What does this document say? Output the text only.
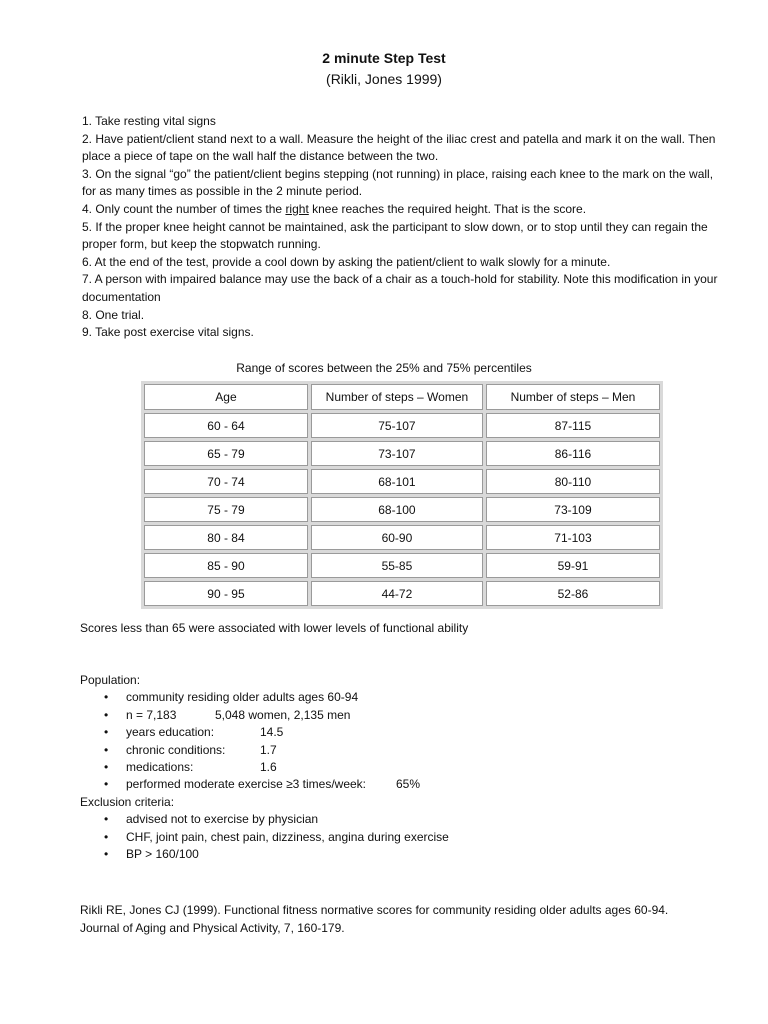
2 minute Step Test
(Rikli, Jones 1999)

1. Take resting vital signs

2. Have patient/client stand next to a wall. Measure the height of the iliac crest and patella and mark it on the wall. Then place a piece of tape on the wall half the distance between the two.

3. On the signal “go” the patient/client begins stepping (not running) in place, raising each knee to the mark on the wall, for as many times as possible in the 2 minute period.

4. Only count the number of times the right knee reaches the required height. That is the score.

5. If the proper knee height cannot be maintained, ask the participant to slow down, or to stop until they can regain the proper form, but keep the stopwatch running.

6. At the end of the test, provide a cool down by asking the patient/client to walk slowly for a minute.

7. A person with impaired balance may use the back of a chair as a touch-hold for stability. Note this modification in your documentation

8. One trial.

9. Take post exercise vital signs.

Range of scores between the 25% and 75% percentiles
Age	Number of steps – Women	Number of steps – Men
60 - 64	75-107	87-115
65 - 79	73-107	86-116
70 - 74	68-101	80-110
75 - 79	68-100	73-109
80 - 84	60-90	71-103
85 - 90	55-85	59-91
90 - 95	44-72	52-86
Scores less than 65 were associated with lower levels of functional ability
Population:
• community residing older adults ages 60-94
• n = 7,183	5,048 women, 2,135 men
• years education:	14.5
• chronic conditions:	1.7
• medications:	1.6
• performed moderate exercise ≥3 times/week: 65%
Exclusion criteria:
• advised not to exercise by physician
• CHF, joint pain, chest pain, dizziness, angina during exercise
• BP > 160/100

Rikli RE, Jones CJ (1999). Functional fitness normative scores for community residing older adults ages 60-94.

Journal of Aging and Physical Activity, 7, 160-179.
